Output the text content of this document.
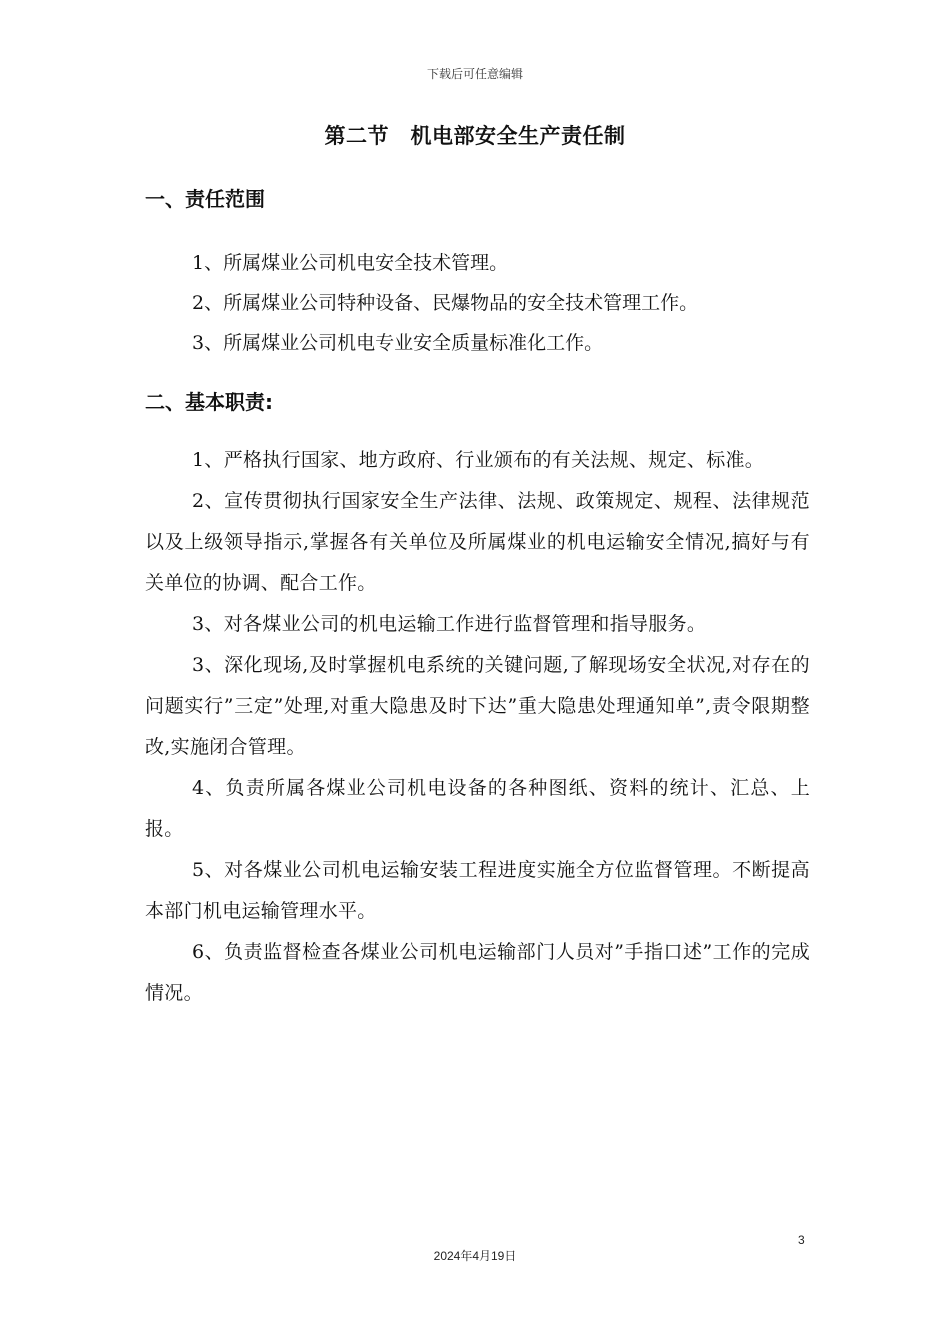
下载后可任意编辑
第二节　机电部安全生产责任制
一、责任范围
1、所属煤业公司机电安全技术管理。
2、所属煤业公司特种设备、民爆物品的安全技术管理工作。
3、所属煤业公司机电专业安全质量标准化工作。
二、基本职责:
1、严格执行国家、地方政府、行业颁布的有关法规、规定、标准。
2、宣传贯彻执行国家安全生产法律、法规、政策规定、规程、法律规范以及上级领导指示,掌握各有关单位及所属煤业的机电运输安全情况,搞好与有关单位的协调、配合工作。
3、对各煤业公司的机电运输工作进行监督管理和指导服务。
3、深化现场,及时掌握机电系统的关键问题,了解现场安全状况,对存在的问题实行”三定”处理,对重大隐患及时下达”重大隐患处理通知单”,责令限期整改,实施闭合管理。
4、负责所属各煤业公司机电设备的各种图纸、资料的统计、汇总、上报。
5、对各煤业公司机电运输安装工程进度实施全方位监督管理。不断提高本部门机电运输管理水平。
6、负责监督检查各煤业公司机电运输部门人员对”手指口述”工作的完成情况。
3
2024年4月19日
